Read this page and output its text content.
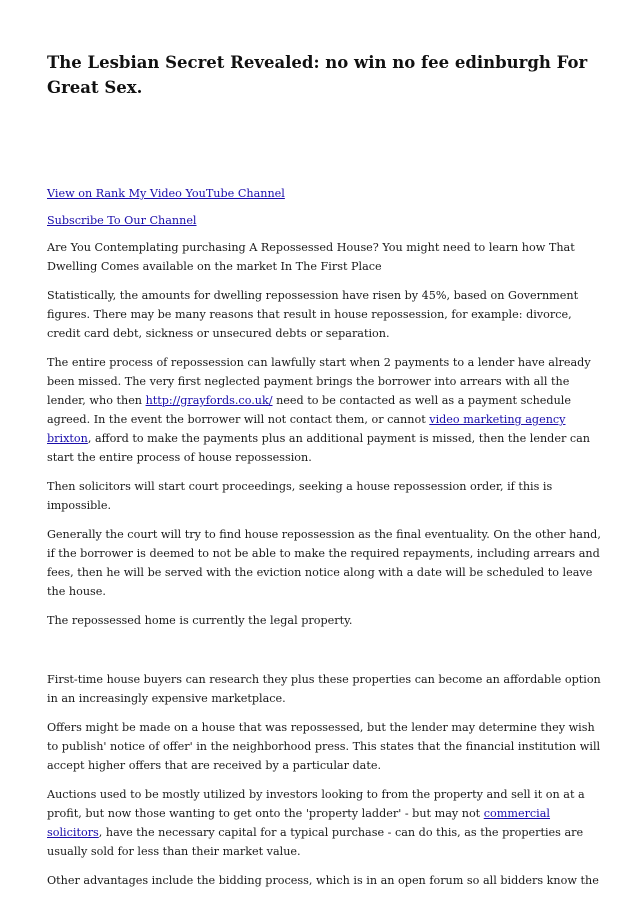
The Lesbian Secret Revealed: no win no fee edinburgh For Great Sex.

View on Rank My Video YouTube Channel

Subscribe To Our Channel

Are You Contemplating purchasing A Repossessed House? You might need to learn how That Dwelling Comes available on the market In The First Place

Statistically, the amounts for dwelling repossession have risen by 45%, based on Government figures. There may be many reasons that result in house repossession, for example: divorce, credit card debt, sickness or unsecured debts or separation.

The entire process of repossession can lawfully start when 2 payments to a lender have already been missed. The very first neglected payment brings the borrower into arrears with all the lender, who then http://grayfords.co.uk/ need to be contacted as well as a payment schedule agreed. In the event the borrower will not contact them, or cannot video marketing agency brixton, afford to make the payments plus an additional payment is missed, then the lender can start the entire process of house repossession.

Then solicitors will start court proceedings, seeking a house repossession order, if this is impossible.

Generally the court will try to find house repossession as the final eventuality. On the other hand, if the borrower is deemed to not be able to make the required repayments, including arrears and fees, then he will be served with the eviction notice along with a date will be scheduled to leave the house.

The repossessed home is currently the legal property.

First-time house buyers can research they plus these properties can become an affordable option in an increasingly expensive marketplace.

Offers might be made on a house that was repossessed, but the lender may determine they wish to publish' notice of offer' in the neighborhood press. This states that the financial institution will accept higher offers that are received by a particular date.

Auctions used to be mostly utilized by investors looking to from the property and sell it on at a profit, but now those wanting to get onto the 'property ladder' - but may not commercial solicitors, have the necessary capital for a typical purchase - can do this, as the properties are usually sold for less than their market value.

Other advantages include the bidding process, which is in an open forum so all bidders know the
